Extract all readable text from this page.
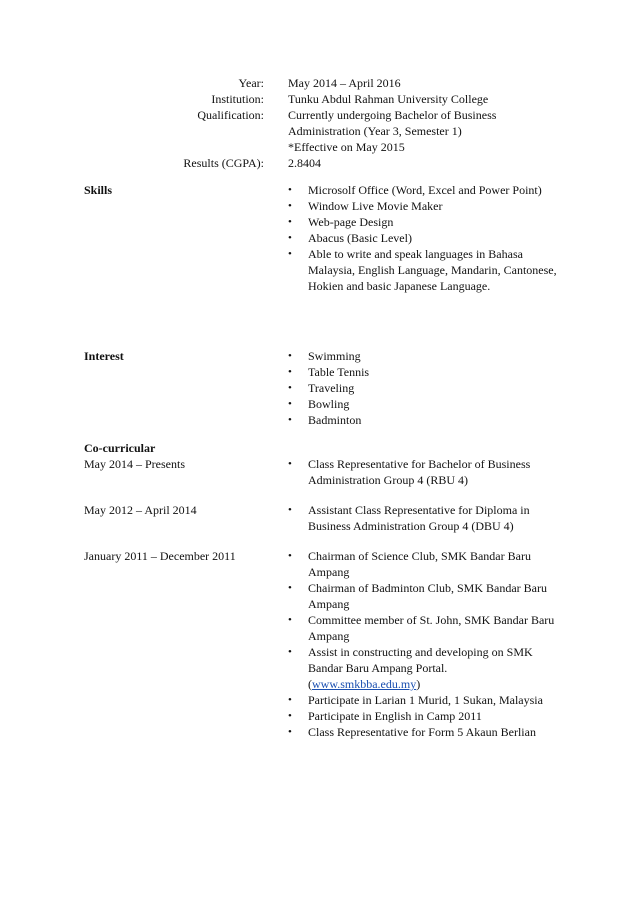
Year: May 2014 – April 2016
Institution: Tunku Abdul Rahman University College
Qualification: Currently undergoing Bachelor of Business
Administration (Year 3, Semester 1)
*Effective on May 2015
Results (CGPA): 2.8404
Skills	• Microsolf Office (Word, Excel and Power Point)
• Window Live Movie Maker
• Web-page Design
• Abacus (Basic Level)
• Able to write and speak languages in Bahasa Malaysia, English Language, Mandarin, Cantonese, Hokien and basic Japanese Language.
Interest	• Swimming
• Table Tennis
• Traveling
• Bowling
• Badminton
Co-curricular
May 2014 – Presents	• Class Representative for Bachelor of Business Administration Group 4 (RBU 4)
May 2012 – April 2014	• Assistant Class Representative for Diploma in Business Administration Group 4 (DBU 4)
January 2011 – December 2011	• Chairman of Science Club, SMK Bandar Baru Ampang
• Chairman of Badminton Club, SMK Bandar Baru Ampang
• Committee member of St. John, SMK Bandar Baru Ampang
• Assist in constructing and developing on SMK Bandar Baru Ampang Portal.
(www.smkbba.edu.my)
• Participate in Larian 1 Murid, 1 Sukan, Malaysia
• Participate in English in Camp 2011
• Class Representative for Form 5 Akaun Berlian
